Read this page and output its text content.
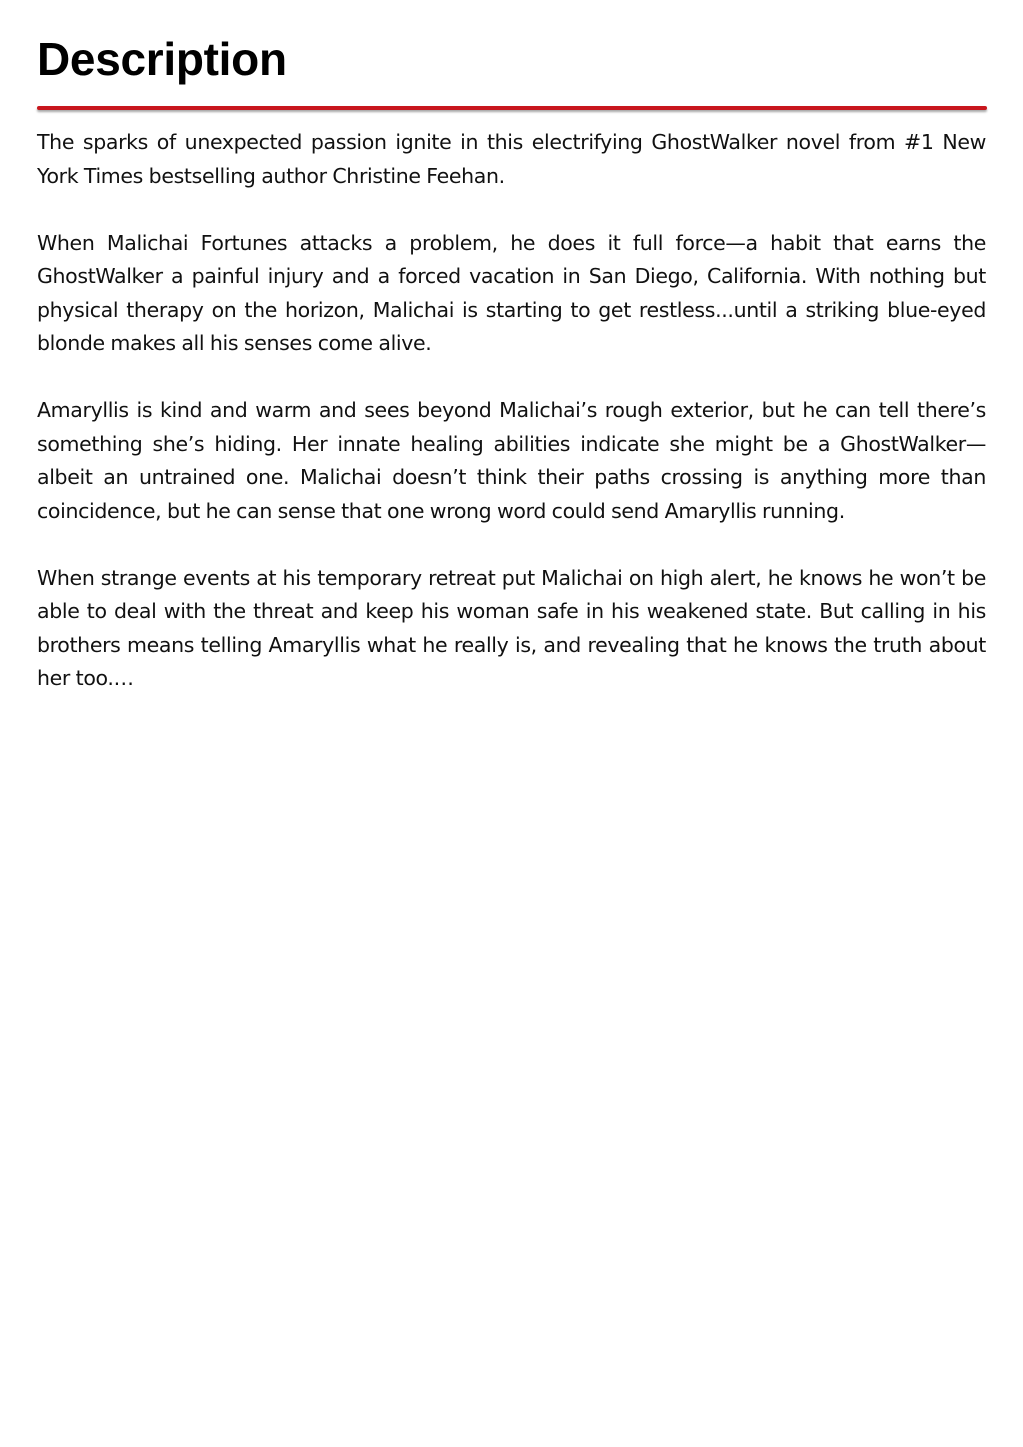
Description

The sparks of unexpected passion ignite in this electrifying GhostWalker novel from #1 New York Times bestselling author Christine Feehan.

When Malichai Fortunes attacks a problem, he does it full force—a habit that earns the GhostWalker a painful injury and a forced vacation in San Diego, California. With nothing but physical therapy on the horizon, Malichai is starting to get restless...until a striking blue-eyed blonde makes all his senses come alive.

Amaryllis is kind and warm and sees beyond Malichai’s rough exterior, but he can tell there’s something she’s hiding. Her innate healing abilities indicate she might be a GhostWalker—albeit an untrained one. Malichai doesn’t think their paths crossing is anything more than coincidence, but he can sense that one wrong word could send Amaryllis running.

When strange events at his temporary retreat put Malichai on high alert, he knows he won’t be able to deal with the threat and keep his woman safe in his weakened state. But calling in his brothers means telling Amaryllis what he really is, and revealing that he knows the truth about her too.…
